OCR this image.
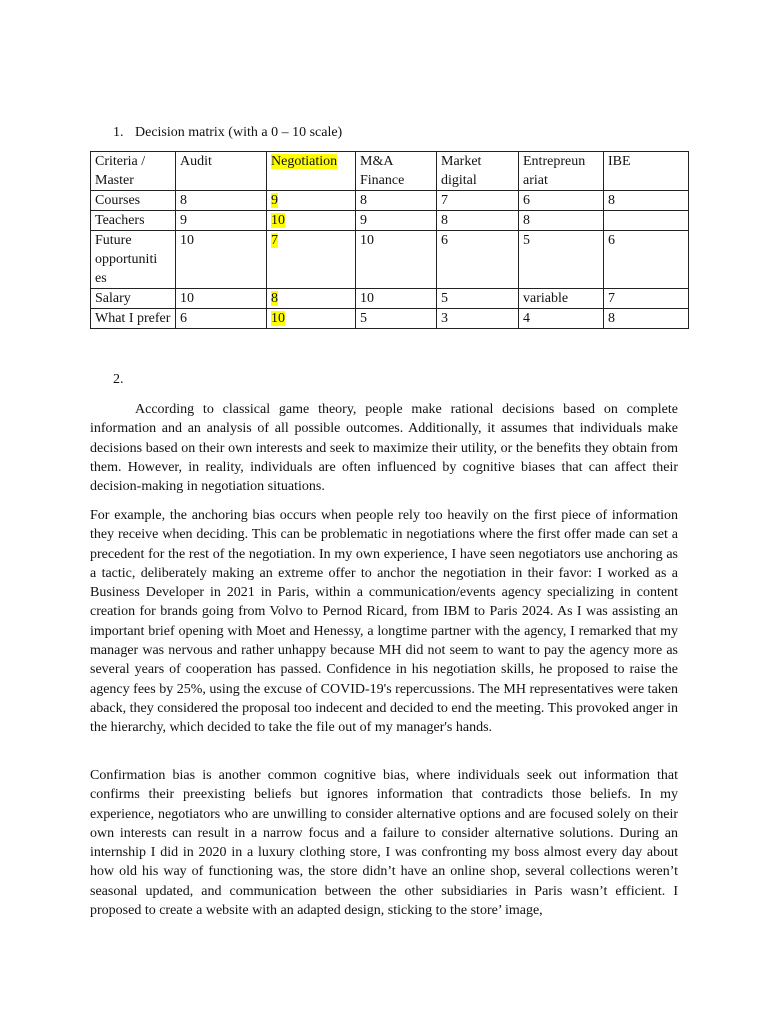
1. Decision matrix (with a 0 – 10 scale)
Criteria / Master	Audit	Negotiation	M&A Finance	Market digital	Entrepreun ariat	IBE
Courses	8	9	8	7	6	8
Teachers	9	10	9	8	8	
Future opportuniti es	10	7	10	6	5	6
Salary	10	8	10	5	variable	7
What I prefer	6	10	5	3	4	8
2.

According to classical game theory, people make rational decisions based on complete information and an analysis of all possible outcomes. Additionally, it assumes that individuals make decisions based on their own interests and seek to maximize their utility, or the benefits they obtain from them. However, in reality, individuals are often influenced by cognitive biases that can affect their decision-making in negotiation situations.

For example, the anchoring bias occurs when people rely too heavily on the first piece of information they receive when deciding. This can be problematic in negotiations where the first offer made can set a precedent for the rest of the negotiation. In my own experience, I have seen negotiators use anchoring as a tactic, deliberately making an extreme offer to anchor the negotiation in their favor: I worked as a Business Developer in 2021 in Paris, within a communication/events agency specializing in content creation for brands going from Volvo to Pernod Ricard, from IBM to Paris 2024. As I was assisting an important brief opening with Moet and Henessy, a longtime partner with the agency, I remarked that my manager was nervous and rather unhappy because MH did not seem to want to pay the agency more as several years of cooperation has passed. Confidence in his negotiation skills, he proposed to raise the agency fees by 25%, using the excuse of COVID-19's repercussions. The MH representatives were taken aback, they considered the proposal too indecent and decided to end the meeting. This provoked anger in the hierarchy, which decided to take the file out of my manager's hands.

Confirmation bias is another common cognitive bias, where individuals seek out information that confirms their preexisting beliefs but ignores information that contradicts those beliefs. In my experience, negotiators who are unwilling to consider alternative options and are focused solely on their own interests can result in a narrow focus and a failure to consider alternative solutions. During an internship I did in 2020 in a luxury clothing store, I was confronting my boss almost every day about how old his way of functioning was, the store didn’t have an online shop, several collections weren’t seasonal updated, and communication between the other subsidiaries in Paris wasn’t efficient. I proposed to create a website with an adapted design, sticking to the store’ image,
